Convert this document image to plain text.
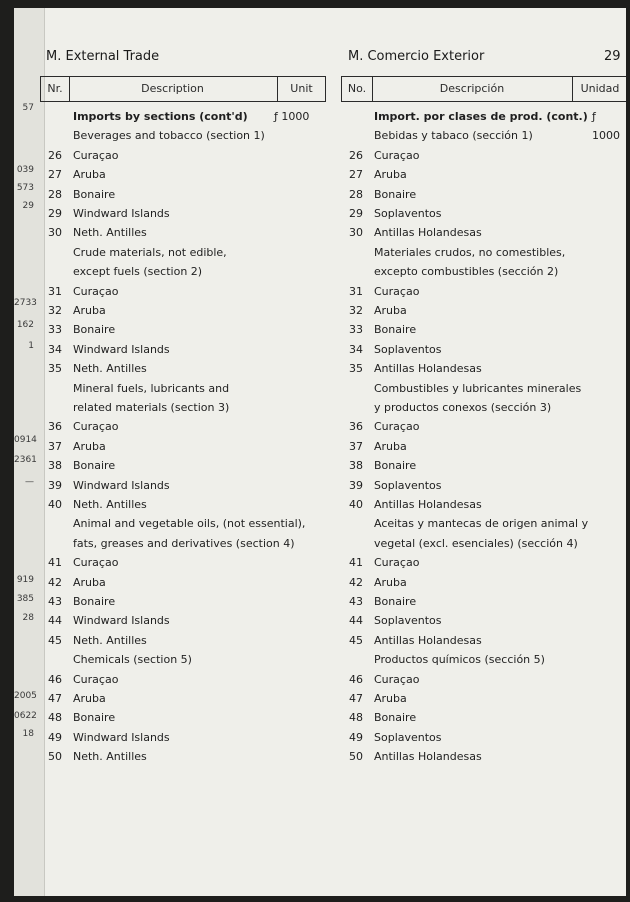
57
039
573
29
2733
162
1
0914
2361
—
919
385
28
2005
0622
18
M. External Trade	M. Comercio Exterior	29
Nr.	Description	Unit	No.	Descripción	Unidad
ƒ 1000	ƒ 1000
Imports by sections (cont'd)	Import. por clases de prod. (cont.)
Beverages and tobacco (section 1)	Bebidas y tabaco (sección 1)
26 Curaçao	26 Curaçao
27 Aruba	27 Aruba
28 Bonaire	28 Bonaire
29 Windward Islands	29 Soplaventos
30 Neth. Antilles	30 Antillas Holandesas
Crude materials, not edible,	Materiales crudos, no comestibles,
except fuels (section 2)	excepto combustibles (sección 2)
31 Curaçao	31 Curaçao
32 Aruba	32 Aruba
33 Bonaire	33 Bonaire
34 Windward Islands	34 Soplaventos
35 Neth. Antilles	35 Antillas Holandesas
Mineral fuels, lubricants and	Combustibles y lubricantes minerales
related materials (section 3)	y productos conexos (sección 3)
36 Curaçao	36 Curaçao
37 Aruba	37 Aruba
38 Bonaire	38 Bonaire
39 Windward Islands	39 Soplaventos
40 Neth. Antilles	40 Antillas Holandesas
Animal and vegetable oils, (not essential),	Aceitas y mantecas de origen animal y
fats, greases and derivatives (section 4)	vegetal (excl. esenciales) (sección 4)
41 Curaçao	41 Curaçao
42 Aruba	42 Aruba
43 Bonaire	43 Bonaire
44 Windward Islands	44 Soplaventos
45 Neth. Antilles	45 Antillas Holandesas
Chemicals (section 5)	Productos químicos (sección 5)
46 Curaçao	46 Curaçao
47 Aruba	47 Aruba
48 Bonaire	48 Bonaire
49 Windward Islands	49 Soplaventos
50 Neth. Antilles	50 Antillas Holandesas
